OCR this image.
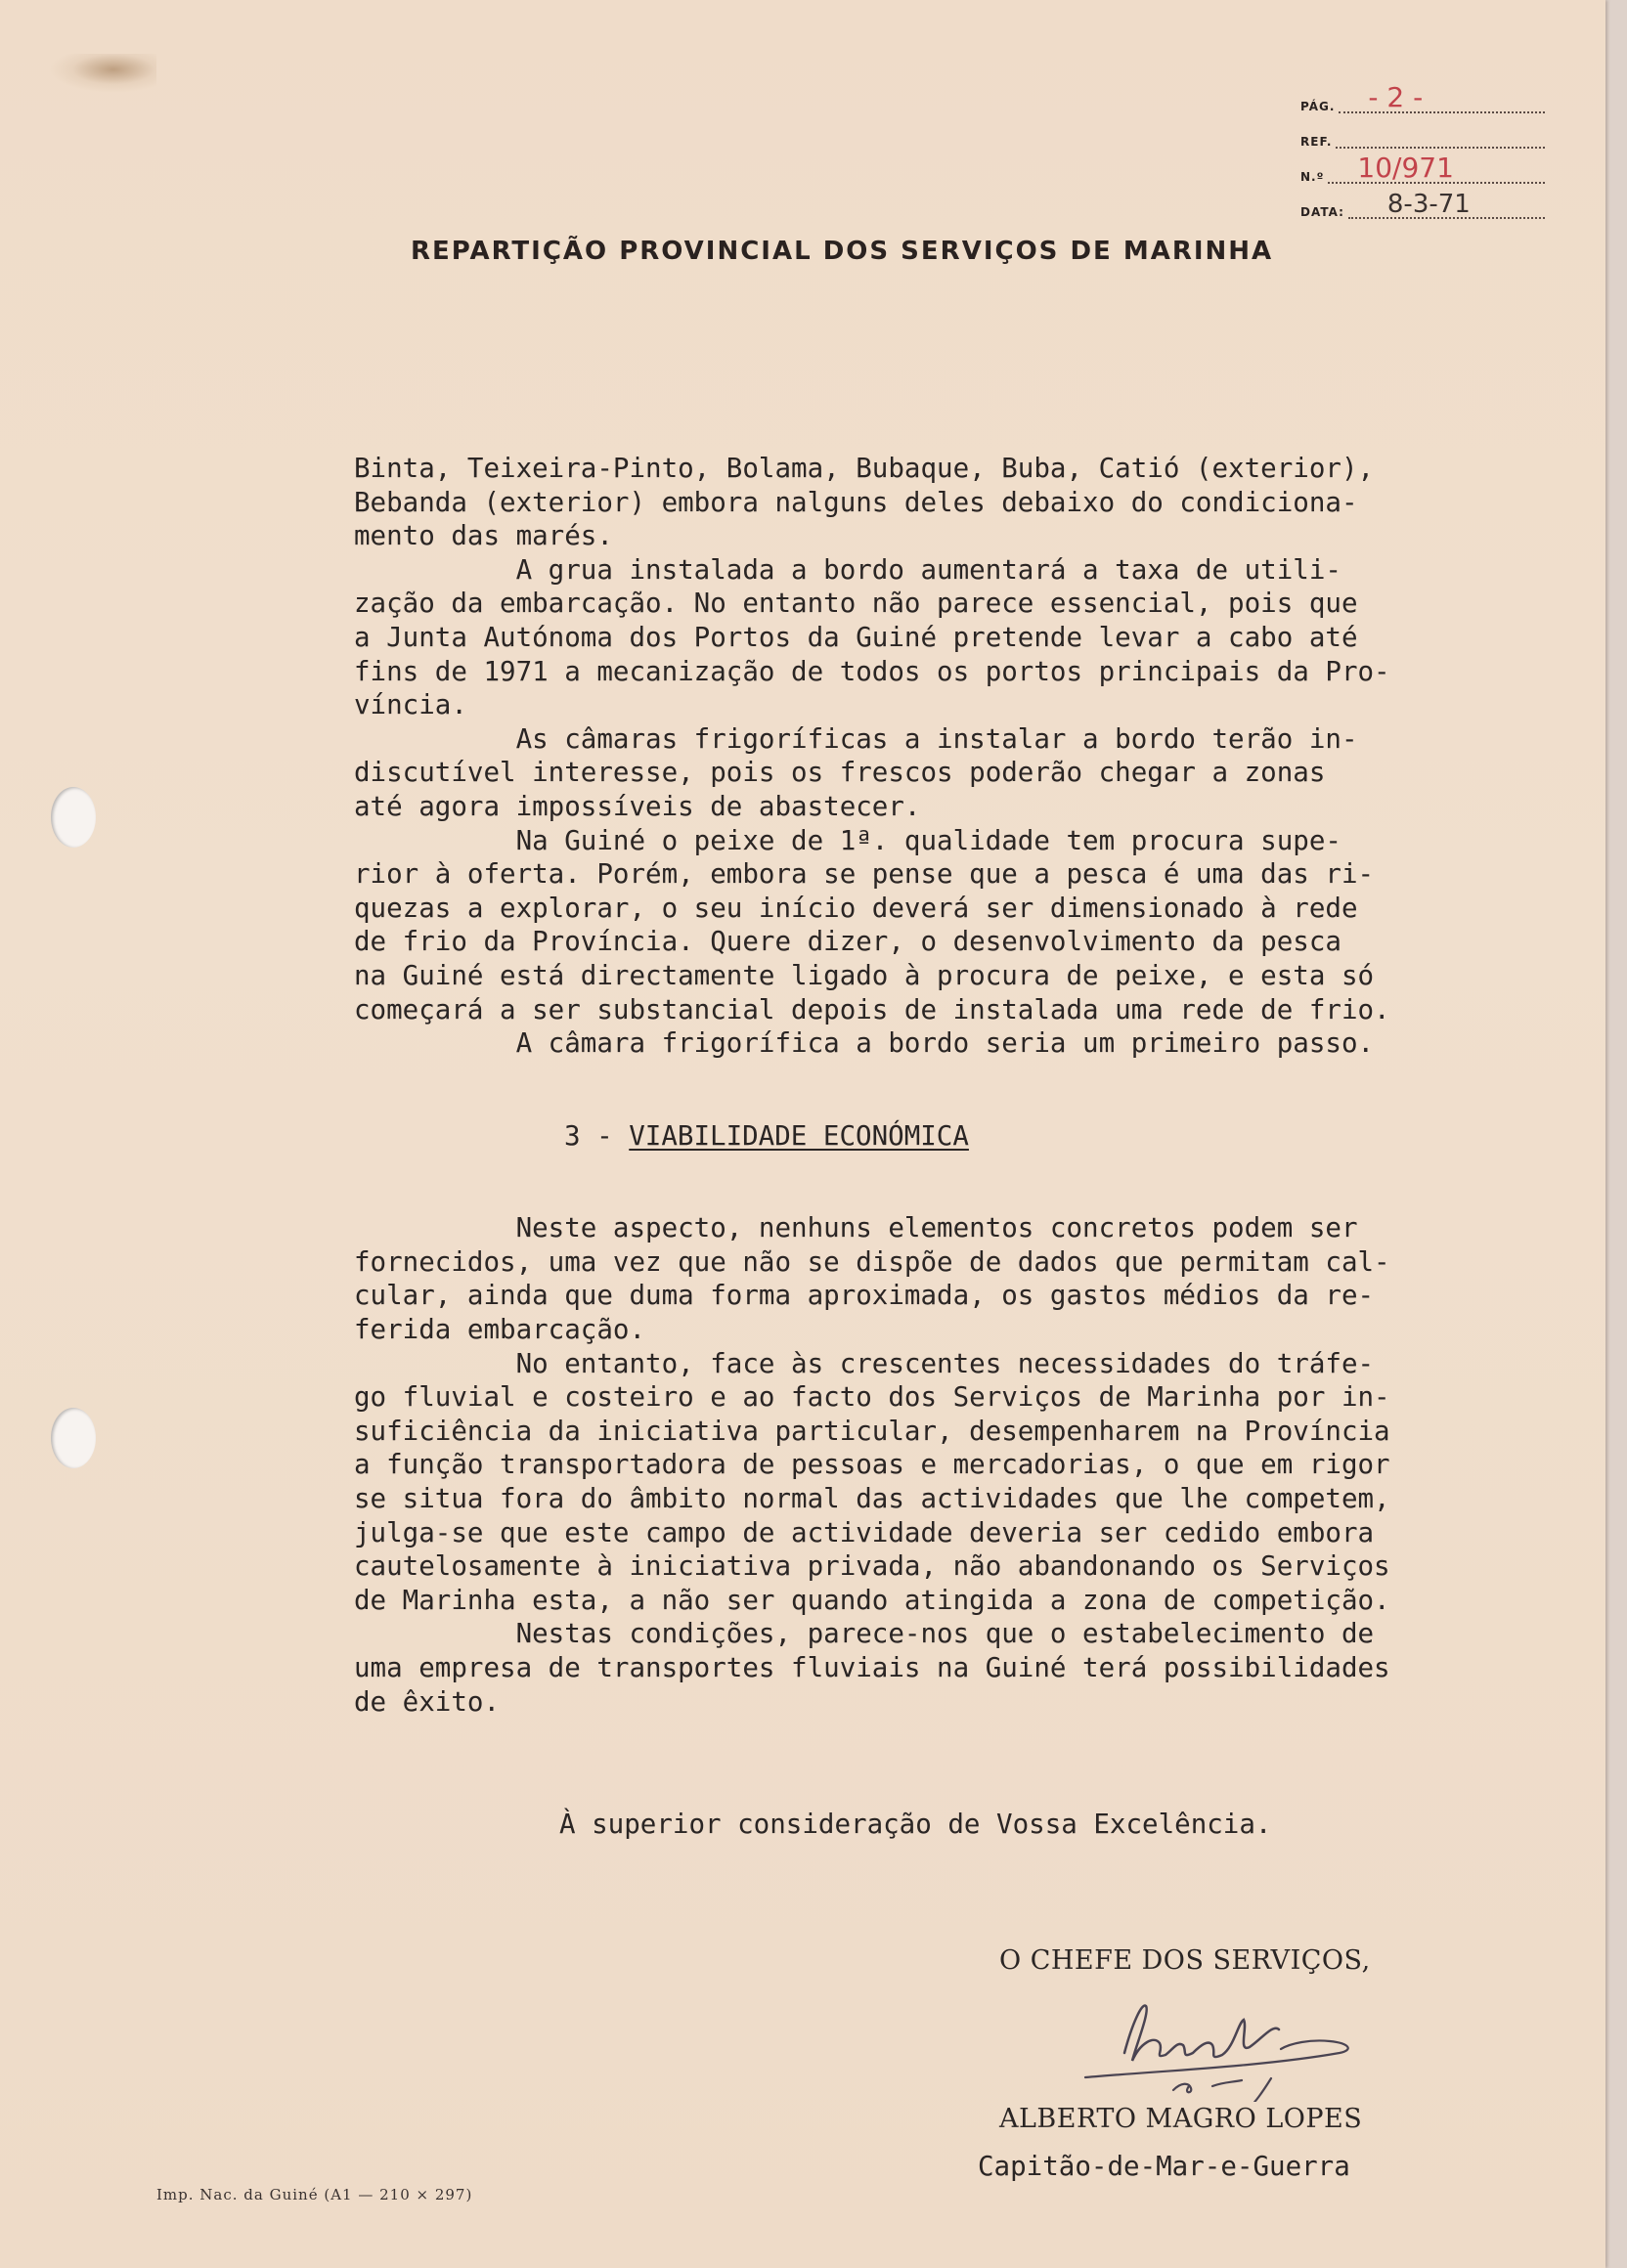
PÁG. - 2 -
REF.
N.º 10/971
DATA: 8-3-71
REPARTIÇÃO PROVINCIAL DOS SERVIÇOS DE MARINHA
Binta, Teixeira-Pinto, Bolama, Bubaque, Buba, Catió (exterior),
Bebanda (exterior) embora nalguns deles debaixo do condiciona-
mento das marés.
A grua instalada a bordo aumentará a taxa de utili-
zação da embarcação. No entanto não parece essencial, pois que
a Junta Autónoma dos Portos da Guiné pretende levar a cabo até
fins de 1971 a mecanização de todos os portos principais da Pro-
víncia.
As câmaras frigoríficas a instalar a bordo terão in-
discutível interesse, pois os frescos poderão chegar a zonas
até agora impossíveis de abastecer.
Na Guiné o peixe de 1ª. qualidade tem procura supe-
rior à oferta. Porém, embora se pense que a pesca é uma das ri-
quezas a explorar, o seu início deverá ser dimensionado à rede
de frio da Província. Quere dizer, o desenvolvimento da pesca
na Guiné está directamente ligado à procura de peixe, e esta só
começará a ser substancial depois de instalada uma rede de frio.
A câmara frigorífica a bordo seria um primeiro passo.
3 - VIABILIDADE ECONÓMICA
Neste aspecto, nenhuns elementos concretos podem ser
fornecidos, uma vez que não se dispõe de dados que permitam cal-
cular, ainda que duma forma aproximada, os gastos médios da re-
ferida embarcação.
No entanto, face às crescentes necessidades do tráfe-
go fluvial e costeiro e ao facto dos Serviços de Marinha por in-
suficiência da iniciativa particular, desempenharem na Província
a função transportadora de pessoas e mercadorias, o que em rigor
se situa fora do âmbito normal das actividades que lhe competem,
julga-se que este campo de actividade deveria ser cedido embora
cautelosamente à iniciativa privada, não abandonando os Serviços
de Marinha esta, a não ser quando atingida a zona de competição.
Nestas condições, parece-nos que o estabelecimento de
uma empresa de transportes fluviais na Guiné terá possibilidades
de êxito.
À superior consideração de Vossa Excelência.
O CHEFE DOS SERVIÇOS,
ALBERTO MAGRO LOPES
Capitão-de-Mar-e-Guerra
Imp. Nac. da Guiné (A1 — 210 × 297)
